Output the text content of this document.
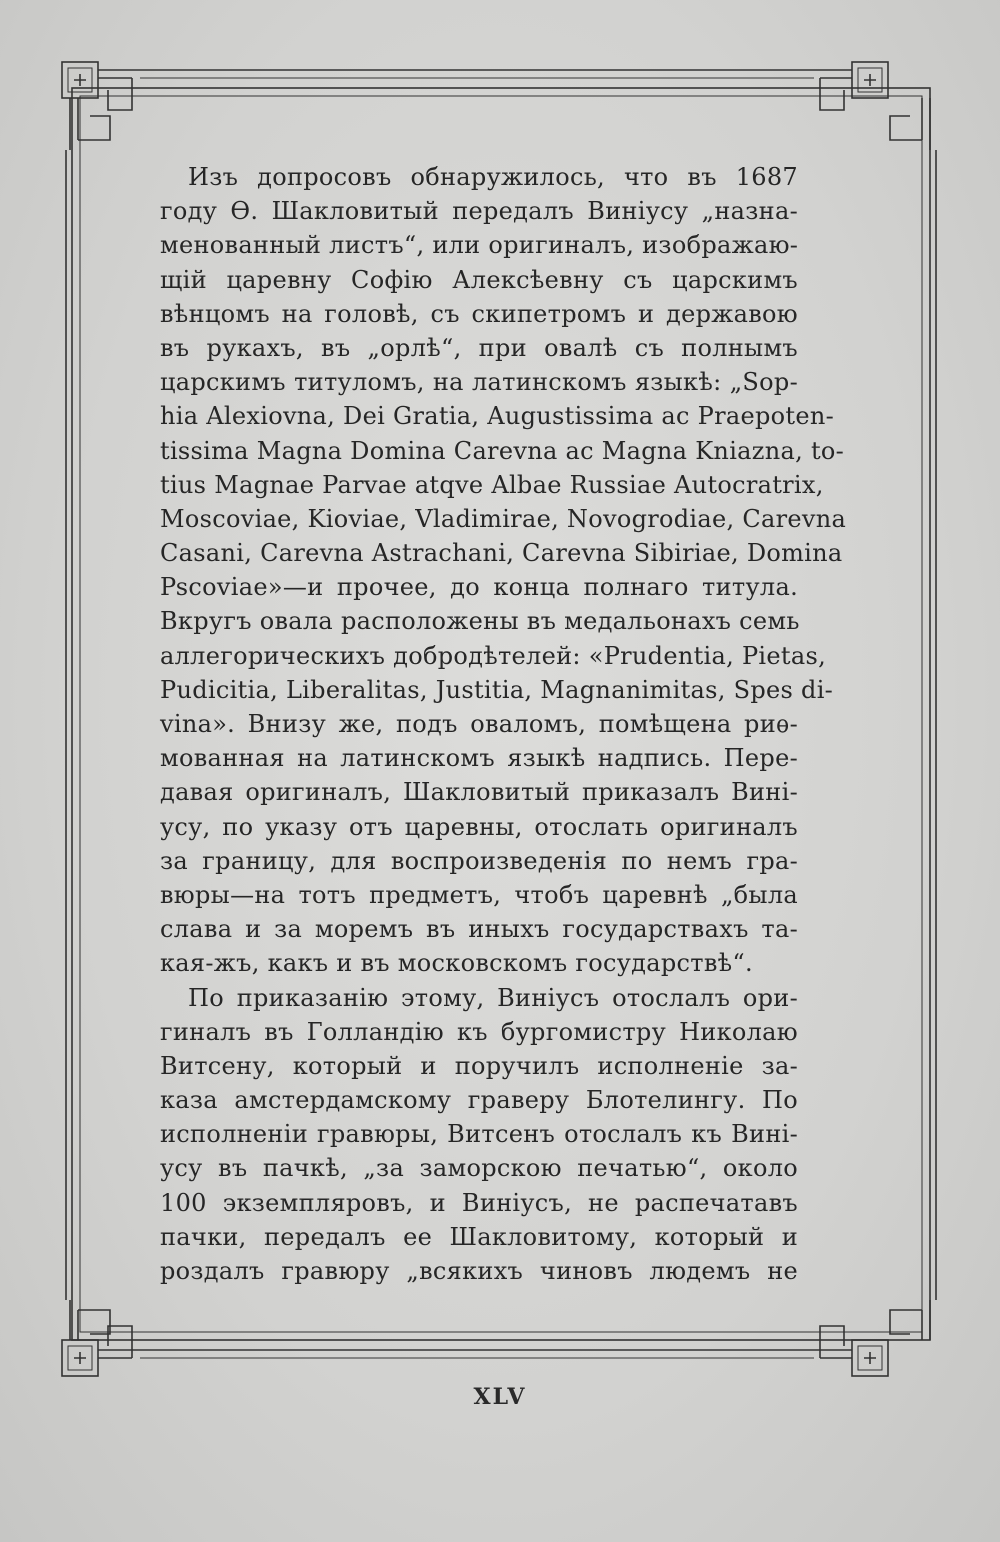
Изъ допросовъ обнаружилось, что въ 1687
году Ѳ. Шакловитый передалъ Виніусу „назна-
менованный листъ“, или оригиналъ, изображаю-
щій царевну Софію Алексѣевну съ царскимъ
вѣнцомъ на головѣ, съ скипетромъ и державою
въ рукахъ, въ „орлѣ“, при овалѣ съ полнымъ
царскимъ титуломъ, на латинскомъ языкѣ: „Sop-
hia Alexiovna, Dei Gratia, Augustissima ac Praepoten-
tissima Magna Domina Carevna ac Magna Kniazna, to-
tius Magnae Parvae atqve Albae Russiae Autocratrix,
Moscoviae, Kioviae, Vladimirae, Novogrodiae, Carevna
Casani, Carevna Astrachani, Carevna Sibiriae, Domina
Pscoviae»—и прочее, до конца полнаго титула.
Вкругъ овала расположены въ медальонахъ семь
аллегорическихъ добродѣтелей: «Prudentia, Pietas,
Pudicitia, Liberalitas, Justitia, Magnanimitas, Spes di-
vina». Внизу же, подъ оваломъ, помѣщена риѳ-
мованная на латинскомъ языкѣ надпись. Пере-
давая оригиналъ, Шакловитый приказалъ Вині-
усу, по указу отъ царевны, отослать оригиналъ
за границу, для воспроизведенія по немъ гра-
вюры—на тотъ предметъ, чтобъ царевнѣ „была
слава и за моремъ въ иныхъ государствахъ та-
кая-жъ, какъ и въ московскомъ государствѣ“.
По приказанію этому, Виніусъ отослалъ ори-
гиналъ въ Голландію къ бургомистру Николаю
Витсену, который и поручилъ исполненіе за-
каза амстердамскому граверу Блотелингу. По
исполненіи гравюры, Витсенъ отослалъ къ Вині-
усу въ пачкѣ, „за заморскою печатью“, около
100 экземпляровъ, и Виніусъ, не распечатавъ
пачки, передалъ ее Шакловитому, который и
роздалъ гравюру „всякихъ чиновъ людемъ не
XLV
